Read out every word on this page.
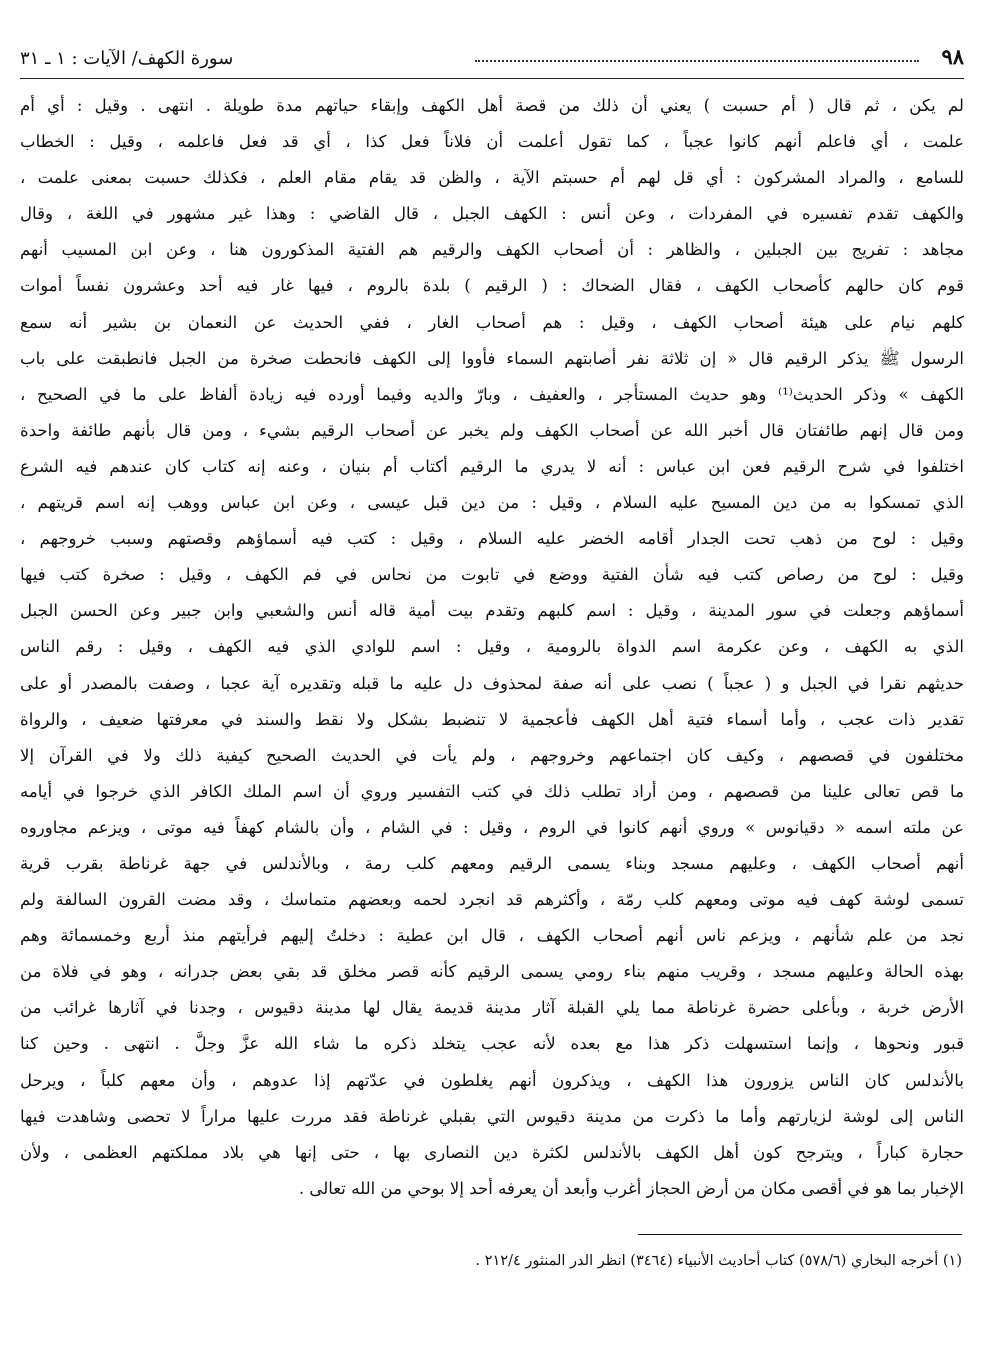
٩٨
سورة الكهف/ الآيات : ١ ـ ٣١
لم يكن ، ثم قال ( أم حسبت ) يعني أن ذلك من قصة أهل الكهف وإبقاء حياتهم مدة طويلة . انتهى . وقيل : أي أم
علمت ، أي فاعلم أنهم كانوا عجباً ، كما تقول أعلمت أن فلاناً فعل كذا ، أي قد فعل فاعلمه ، وقيل : الخطاب
للسامع ، والمراد المشركون : أي قل لهم أم حسبتم الآية ، والظن قد يقام مقام العلم ، فكذلك حسبت بمعنى علمت ،
والكهف تقدم تفسيره في المفردات ، وعن أنس : الكهف الجبل ، قال القاضي : وهذا غير مشهور في اللغة ، وقال
مجاهد : تفريج بين الجبلين ، والظاهر : أن أصحاب الكهف والرقيم هم الفتية المذكورون هنا ، وعن ابن المسيب أنهم
قوم كان حالهم كأصحاب الكهف ، فقال الضحاك : ( الرقيم ) بلدة بالروم ، فيها غار فيه أحد وعشرون نفساً أموات
كلهم نيام على هيئة أصحاب الكهف ، وقيل : هم أصحاب الغار ، ففي الحديث عن النعمان بن بشير أنه سمع
الرسول ﷺ يذكر الرقيم قال « إن ثلاثة نفر أصابتهم السماء فأووا إلى الكهف فانحطت صخرة من الجبل فانطبقت على باب
الكهف » وذكر الحديث⁽¹⁾ وهو حديث المستأجر ، والعفيف ، وبارّ والديه وفيما أورده فيه زيادة ألفاظ على ما في الصحيح ،
ومن قال إنهم طائفتان قال أخبر الله عن أصحاب الكهف ولم يخبر عن أصحاب الرقيم بشيء ، ومن قال بأنهم طائفة واحدة
اختلفوا في شرح الرقيم فعن ابن عباس : أنه لا يدري ما الرقيم أكتاب أم بنيان ، وعنه إنه كتاب كان عندهم فيه الشرع
الذي تمسكوا به من دين المسيح عليه السلام ، وقيل : من دين قبل عيسى ، وعن ابن عباس ووهب إنه اسم قريتهم ،
وقيل : لوح من ذهب تحت الجدار أقامه الخضر عليه السلام ، وقيل : كتب فيه أسماؤهم وقصتهم وسبب خروجهم ،
وقيل : لوح من رصاص كتب فيه شأن الفتية ووضع في تابوت من نحاس في فم الكهف ، وقيل : صخرة كتب فيها
أسماؤهم وجعلت في سور المدينة ، وقيل : اسم كلبهم وتقدم بيت أمية قاله أنس والشعبي وابن جبير وعن الحسن الجبل
الذي به الكهف ، وعن عكرمة اسم الدواة بالرومية ، وقيل : اسم للوادي الذي فيه الكهف ، وقيل : رقم الناس
حديثهم نقرا في الجبل و ( عجباً ) نصب على أنه صفة لمحذوف دل عليه ما قبله وتقديره آية عجبا ، وصفت بالمصدر أو على
تقدير ذات عجب ، وأما أسماء فتية أهل الكهف فأعجمية لا تنضبط بشكل ولا نقط والسند في معرفتها ضعيف ، والرواة
مختلفون في قصصهم ، وكيف كان اجتماعهم وخروجهم ، ولم يأت في الحديث الصحيح كيفية ذلك ولا في القرآن إلا
ما قص تعالى علينا من قصصهم ، ومن أراد تطلب ذلك في كتب التفسير وروي أن اسم الملك الكافر الذي خرجوا في أيامه
عن ملته اسمه « دقيانوس » وروي أنهم كانوا في الروم ، وقيل : في الشام ، وأن بالشام كهفاً فيه موتى ، ويزعم مجاوروه
أنهم أصحاب الكهف ، وعليهم مسجد وبناء يسمى الرقيم ومعهم كلب رمة ، وبالأندلس في جهة غرناطة بقرب قرية
تسمى لوشة كهف فيه موتى ومعهم كلب رمّة ، وأكثرهم قد انجرد لحمه وبعضهم متماسك ، وقد مضت القرون السالفة ولم
نجد من علم شأنهم ، ويزعم ناس أنهم أصحاب الكهف ، قال ابن عطية : دخلتُ إليهم فرأيتهم منذ أربع وخمسمائة وهم
بهذه الحالة وعليهم مسجد ، وقريب منهم بناء رومي يسمى الرقيم كأنه قصر مخلق قد بقي بعض جدرانه ، وهو في فلاة من
الأرض خربة ، وبأعلى حضرة غرناطة مما يلي القبلة آثار مدينة قديمة يقال لها مدينة دقيوس ، وجدنا في آثارها غرائب من
قبور ونحوها ، وإنما استسهلت ذكر هذا مع بعده لأنه عجب يتخلد ذكره ما شاء الله عزَّ وجلَّ . انتهى . وحين كنا
بالأندلس كان الناس يزورون هذا الكهف ، ويذكرون أنهم يغلطون في عدّتهم إذا عدوهم ، وأن معهم كلباً ، ويرحل
الناس إلى لوشة لزيارتهم وأما ما ذكرت من مدينة دقيوس التي بقبلي غرناطة فقد مررت عليها مراراً لا تحصى وشاهدت فيها
حجارة كباراً ، ويترجح كون أهل الكهف بالأندلس لكثرة دين النصارى بها ، حتى إنها هي بلاد مملكتهم العظمى ، ولأن
الإخبار بما هو في أقصى مكان من أرض الحجاز أغرب وأبعد أن يعرفه أحد إلا بوحي من الله تعالى .
(١) أخرجه البخاري (٥٧٨/٦) كتاب أحاديث الأنبياء (٣٤٦٤) انظر الدر المنثور ٢١٢/٤ .
